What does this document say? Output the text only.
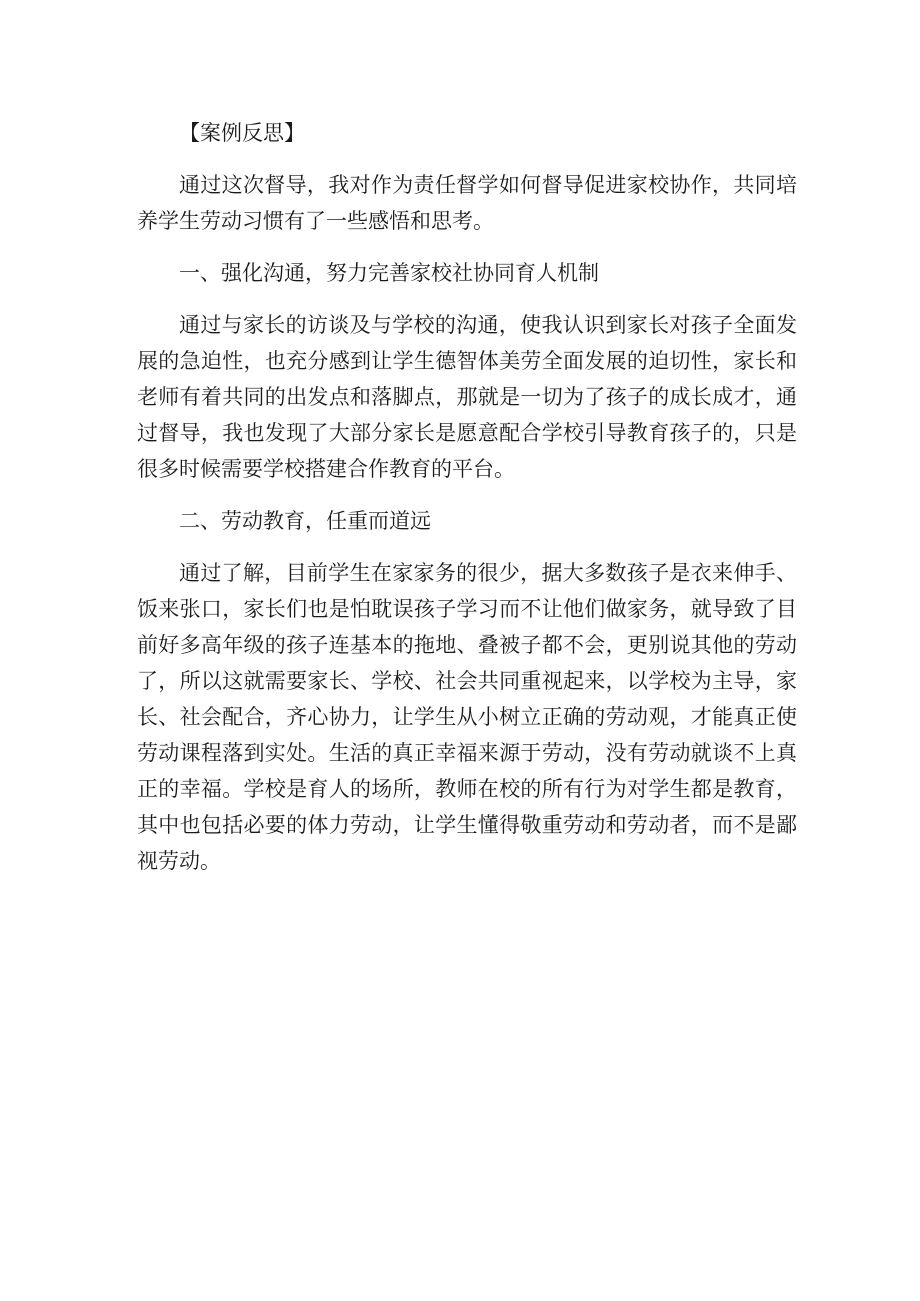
【案例反思】

通过这次督导，我对作为责任督学如何督导促进家校协作，共同培养学生劳动习惯有了一些感悟和思考。

一、强化沟通，努力完善家校社协同育人机制

通过与家长的访谈及与学校的沟通，使我认识到家长对孩子全面发展的急迫性，也充分感到让学生德智体美劳全面发展的迫切性，家长和老师有着共同的出发点和落脚点，那就是一切为了孩子的成长成才，通过督导，我也发现了大部分家长是愿意配合学校引导教育孩子的，只是很多时候需要学校搭建合作教育的平台。

二、劳动教育，任重而道远

通过了解，目前学生在家家务的很少，据大多数孩子是衣来伸手、饭来张口，家长们也是怕耽误孩子学习而不让他们做家务，就导致了目前好多高年级的孩子连基本的拖地、叠被子都不会，更别说其他的劳动了，所以这就需要家长、学校、社会共同重视起来，以学校为主导，家长、社会配合，齐心协力，让学生从小树立正确的劳动观，才能真正使劳动课程落到实处。生活的真正幸福来源于劳动，没有劳动就谈不上真正的幸福。学校是育人的场所，教师在校的所有行为对学生都是教育，其中也包括必要的体力劳动，让学生懂得敬重劳动和劳动者，而不是鄙视劳动。
